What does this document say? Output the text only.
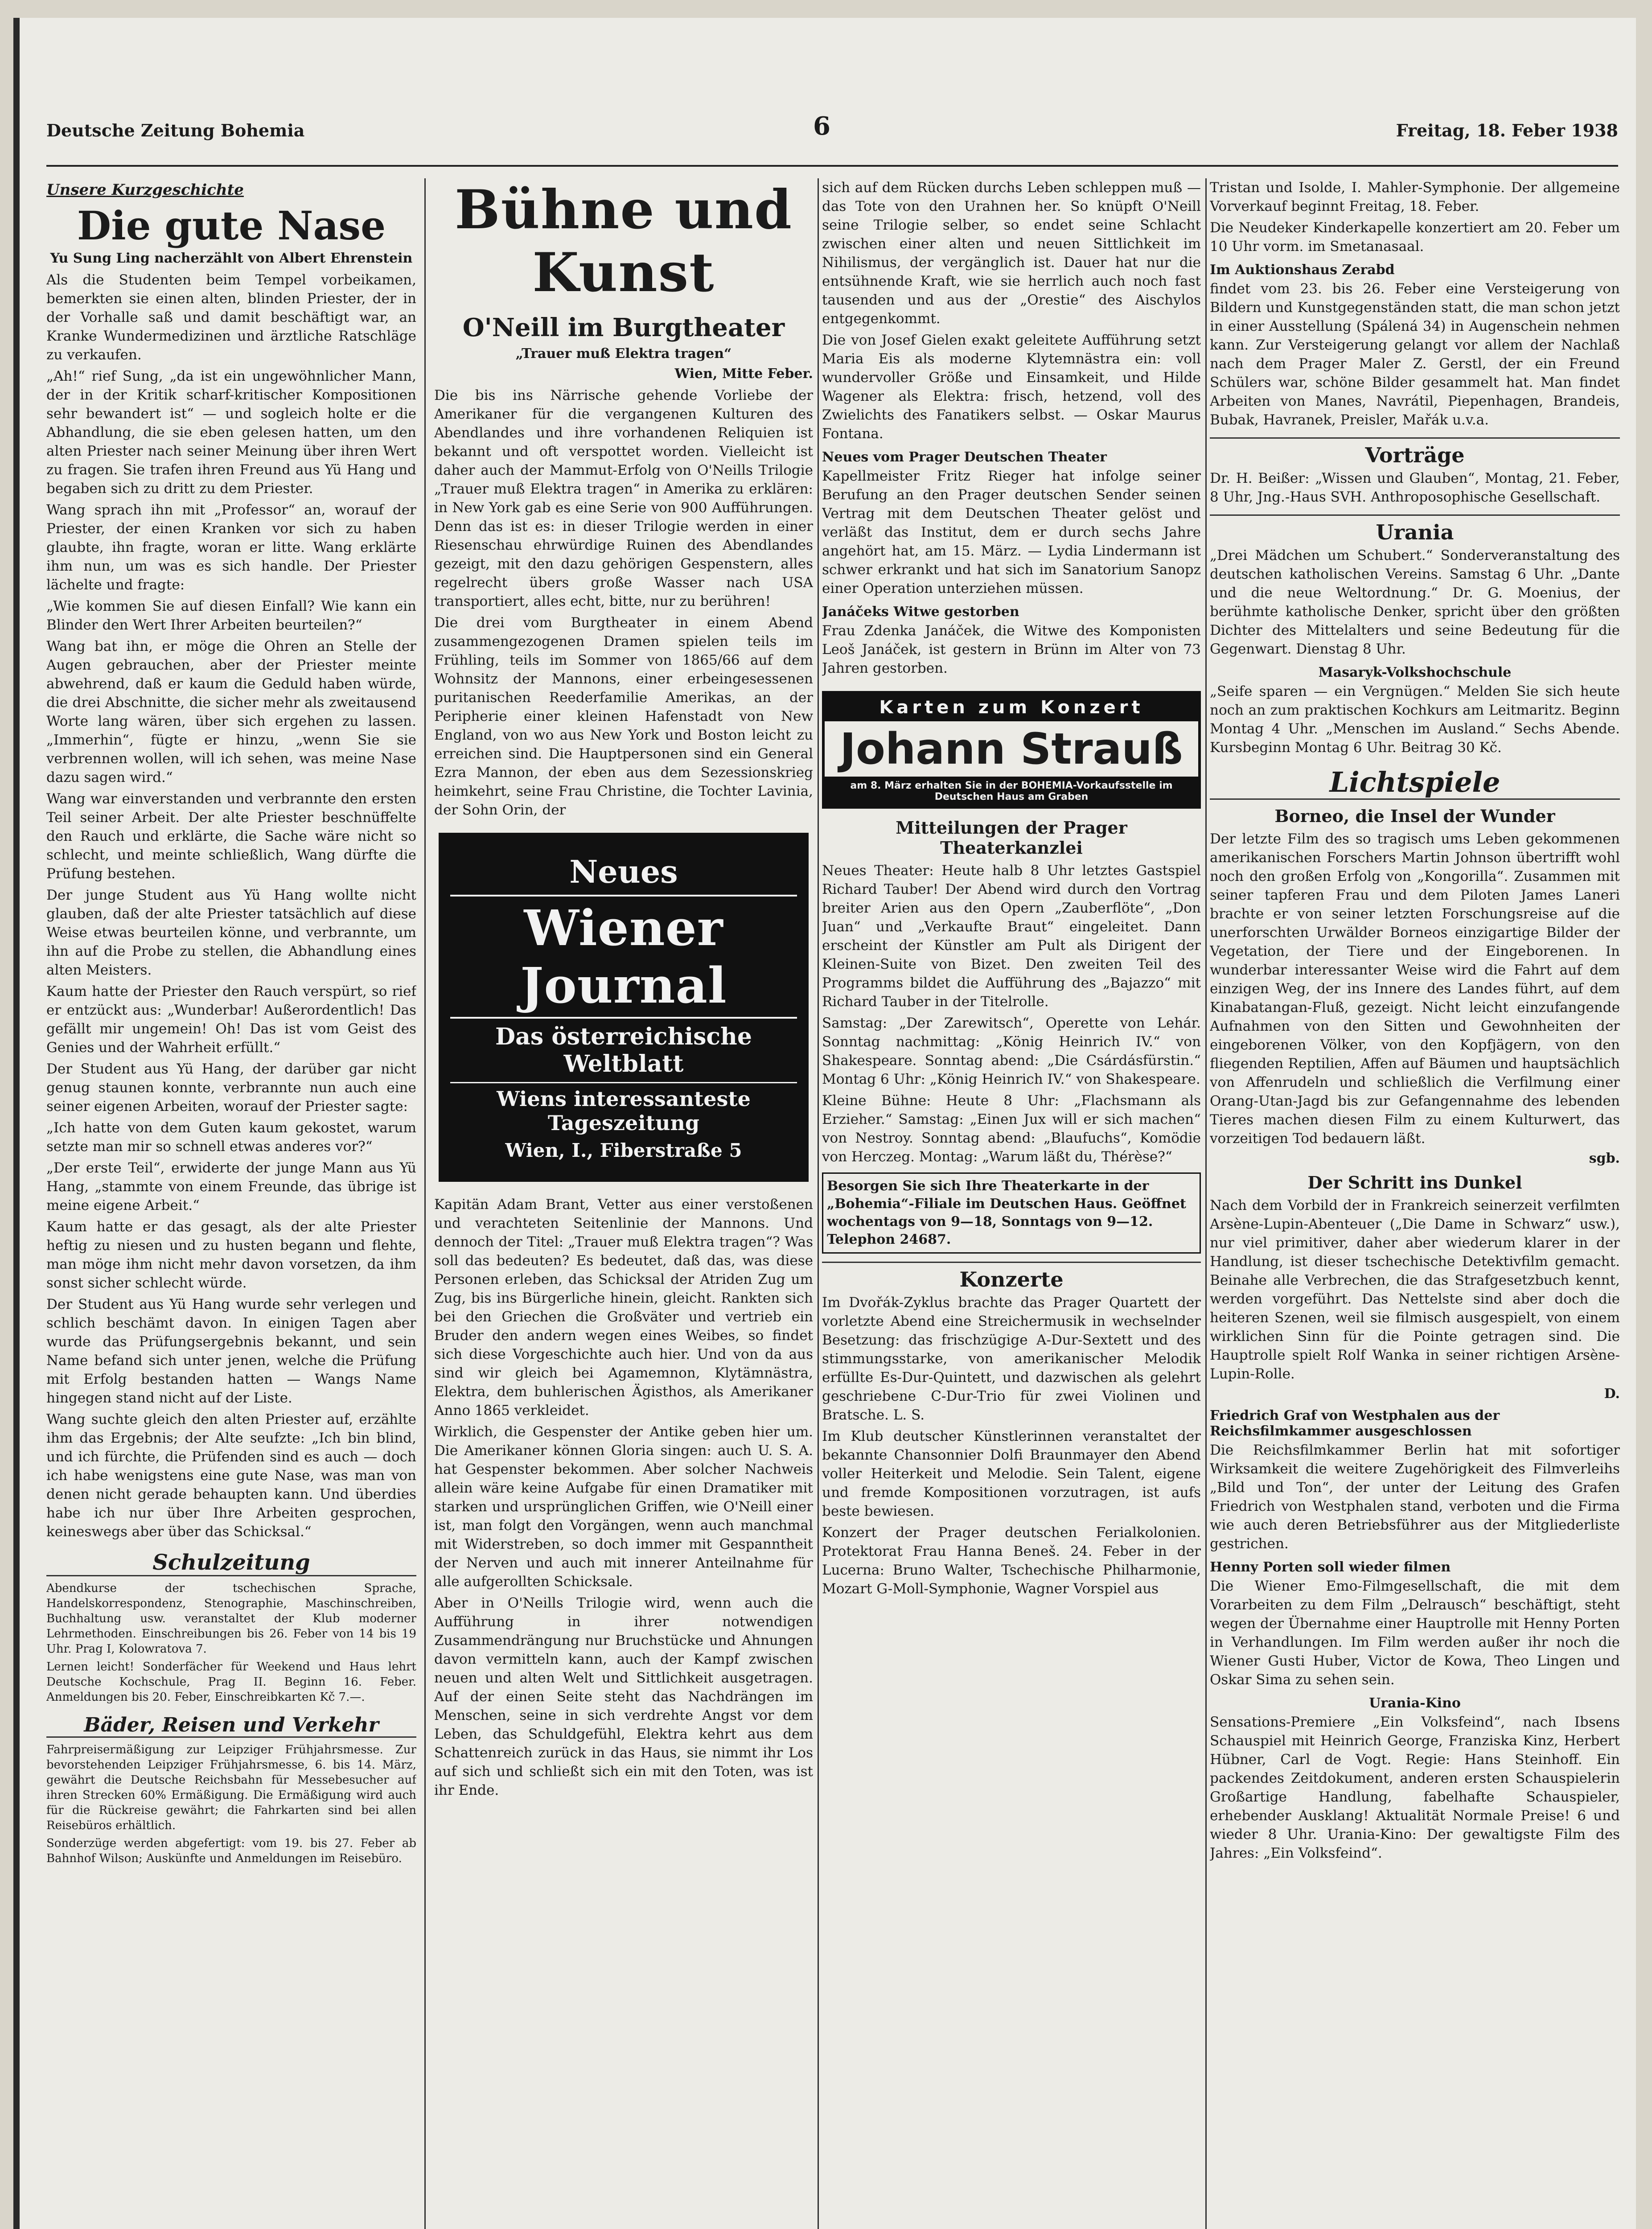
Deutsche Zeitung Bohemia	6	Freitag, 18. Feber 1938
Unsere Kurzgeschichte
Die gute Nase
Yu Sung Ling nacherzählt von Albert Ehrenstein

Als die Studenten beim Tempel vorbeikamen, bemerkten sie einen alten, blinden Priester, der in der Vorhalle saß und damit beschäftigt war, an Kranke Wundermedizinen und ärztliche Ratschläge zu verkaufen.

„Ah!“ rief Sung, „da ist ein ungewöhnlicher Mann, der in der Kritik scharf-kritischer Kompositionen sehr bewandert ist“ — und sogleich holte er die Abhandlung, die sie eben gelesen hatten, um den alten Priester nach seiner Meinung über ihren Wert zu fragen. Sie trafen ihren Freund aus Yü Hang und begaben sich zu dritt zu dem Priester.

Wang sprach ihn mit „Professor“ an, worauf der Priester, der einen Kranken vor sich zu haben glaubte, ihn fragte, woran er litte. Wang erklärte ihm nun, um was es sich handle. Der Priester lächelte und fragte:

„Wie kommen Sie auf diesen Einfall? Wie kann ein Blinder den Wert Ihrer Arbeiten beurteilen?“

Wang bat ihn, er möge die Ohren an Stelle der Augen gebrauchen, aber der Priester meinte abwehrend, daß er kaum die Geduld haben würde, die drei Abschnitte, die sicher mehr als zweitausend Worte lang wären, über sich ergehen zu lassen. „Immerhin“, fügte er hinzu, „wenn Sie sie verbrennen wollen, will ich sehen, was meine Nase dazu sagen wird.“

Wang war einverstanden und verbrannte den ersten Teil seiner Arbeit. Der alte Priester beschnüffelte den Rauch und erklärte, die Sache wäre nicht so schlecht, und meinte schließlich, Wang dürfte die Prüfung bestehen.

Der junge Student aus Yü Hang wollte nicht glauben, daß der alte Priester tatsächlich auf diese Weise etwas beurteilen könne, und verbrannte, um ihn auf die Probe zu stellen, die Abhandlung eines alten Meisters.

Kaum hatte der Priester den Rauch verspürt, so rief er entzückt aus: „Wunderbar! Außerordentlich! Das gefällt mir ungemein! Oh! Das ist vom Geist des Genies und der Wahrheit erfüllt.“

Der Student aus Yü Hang, der darüber gar nicht genug staunen konnte, verbrannte nun auch eine seiner eigenen Arbeiten, worauf der Priester sagte:

„Ich hatte von dem Guten kaum gekostet, warum setzte man mir so schnell etwas anderes vor?“

„Der erste Teil“, erwiderte der junge Mann aus Yü Hang, „stammte von einem Freunde, das übrige ist meine eigene Arbeit.“

Kaum hatte er das gesagt, als der alte Priester heftig zu niesen und zu husten begann und flehte, man möge ihm nicht mehr davon vorsetzen, da ihm sonst sicher schlecht würde.

Der Student aus Yü Hang wurde sehr verlegen und schlich beschämt davon. In einigen Tagen aber wurde das Prüfungsergebnis bekannt, und sein Name befand sich unter jenen, welche die Prüfung mit Erfolg bestanden hatten — Wangs Name hingegen stand nicht auf der Liste.

Wang suchte gleich den alten Priester auf, erzählte ihm das Ergebnis; der Alte seufzte: „Ich bin blind, und ich fürchte, die Prüfenden sind es auch — doch ich habe wenigstens eine gute Nase, was man von denen nicht gerade behaupten kann. Und überdies habe ich nur über Ihre Arbeiten gesprochen, keineswegs aber über das Schicksal.“

Schulzeitung

Abendkurse der tschechischen Sprache, Handelskorrespondenz, Stenographie, Maschinschreiben, Buchhaltung usw. veranstaltet der Klub moderner Lehrmethoden. Einschreibungen bis 26. Feber von 14 bis 19 Uhr. Prag I, Kolowratova 7.

Lernen leicht! Sonderfächer für Weekend und Haus lehrt Deutsche Kochschule, Prag II. Beginn 16. Feber. Anmeldungen bis 20. Feber, Einschreibkarten Kč 7.—.

Bäder, Reisen und Verkehr

Fahrpreisermäßigung zur Leipziger Frühjahrsmesse. Zur bevorstehenden Leipziger Frühjahrsmesse, 6. bis 14. März, gewährt die Deutsche Reichsbahn für Messebesucher auf ihren Strecken 60% Ermäßigung. Die Ermäßigung wird auch für die Rückreise gewährt; die Fahrkarten sind bei allen Reisebüros erhältlich.

Sonderzüge werden abgefertigt: vom 19. bis 27. Feber ab Bahnhof Wilson; Auskünfte und Anmeldungen im Reisebüro.

Bühne und Kunst
O'Neill im Burgtheater
„Trauer muß Elektra tragen“
Wien, Mitte Feber.

Die bis ins Närrische gehende Vorliebe der Amerikaner für die vergangenen Kulturen des Abendlandes und ihre vorhandenen Reliquien ist bekannt und oft verspottet worden. Vielleicht ist daher auch der Mammut-Erfolg von O'Neills Trilogie „Trauer muß Elektra tragen“ in Amerika zu erklären: in New York gab es eine Serie von 900 Aufführungen. Denn das ist es: in dieser Trilogie werden in einer Riesenschau ehrwürdige Ruinen des Abendlandes gezeigt, mit den dazu gehörigen Gespenstern, alles regelrecht übers große Wasser nach USA transportiert, alles echt, bitte, nur zu berühren!

Die drei vom Burgtheater in einem Abend zusammengezogenen Dramen spielen teils im Frühling, teils im Sommer von 1865/66 auf dem Wohnsitz der Mannons, einer erbeingesessenen puritanischen Reederfamilie Amerikas, an der Peripherie einer kleinen Hafenstadt von New England, von wo aus New York und Boston leicht zu erreichen sind. Die Hauptpersonen sind ein General Ezra Mannon, der eben aus dem Sezessionskrieg heimkehrt, seine Frau Christine, die Tochter Lavinia, der Sohn Orin, der

Neues
Wiener Journal
Das österreichische Weltblatt
Wiens interessanteste Tageszeitung
Wien, I., Fiberstraße 5

Kapitän Adam Brant, Vetter aus einer verstoßenen und verachteten Seitenlinie der Mannons. Und dennoch der Titel: „Trauer muß Elektra tragen“? Was soll das bedeuten? Es bedeutet, daß das, was diese Personen erleben, das Schicksal der Atriden Zug um Zug, bis ins Bürgerliche hinein, gleicht. Rankten sich bei den Griechen die Großväter und vertrieb ein Bruder den andern wegen eines Weibes, so findet sich diese Vorgeschichte auch hier. Und von da aus sind wir gleich bei Agamemnon, Klytämnästra, Elektra, dem buhlerischen Ägisthos, als Amerikaner Anno 1865 verkleidet.

Wirklich, die Gespenster der Antike geben hier um. Die Amerikaner können Gloria singen: auch U. S. A. hat Gespenster bekommen. Aber solcher Nachweis allein wäre keine Aufgabe für einen Dramatiker mit starken und ursprünglichen Griffen, wie O'Neill einer ist, man folgt den Vorgängen, wenn auch manchmal mit Widerstreben, so doch immer mit Gespanntheit der Nerven und auch mit innerer Anteilnahme für alle aufgerollten Schicksale.

Aber in O'Neills Trilogie wird, wenn auch die Aufführung in ihrer notwendigen Zusammendrängung nur Bruchstücke und Ahnungen davon vermitteln kann, auch der Kampf zwischen neuen und alten Welt und Sittlichkeit ausgetragen. Auf der einen Seite steht das Nachdrängen im Menschen, seine in sich verdrehte Angst vor dem Leben, das Schuldgefühl, Elektra kehrt aus dem Schattenreich zurück in das Haus, sie nimmt ihr Los auf sich und schließt sich ein mit den Toten, was ist ihr Ende.

sich auf dem Rücken durchs Leben schleppen muß — das Tote von den Urahnen her. So knüpft O'Neill seine Trilogie selber, so endet seine Schlacht zwischen einer alten und neuen Sittlichkeit im Nihilismus, der vergänglich ist. Dauer hat nur die entsühnende Kraft, wie sie herrlich auch noch fast tausenden und aus der „Orestie“ des Aischylos entgegenkommt.

Die von Josef Gielen exakt geleitete Aufführung setzt Maria Eis als moderne Klytemnästra ein: voll wundervoller Größe und Einsamkeit, und Hilde Wagener als Elektra: frisch, hetzend, voll des Zwielichts des Fanatikers selbst. — Oskar Maurus Fontana.

Neues vom Prager Deutschen Theater

Kapellmeister Fritz Rieger hat infolge seiner Berufung an den Prager deutschen Sender seinen Vertrag mit dem Deutschen Theater gelöst und verläßt das Institut, dem er durch sechs Jahre angehört hat, am 15. März. — Lydia Lindermann ist schwer erkrankt und hat sich im Sanatorium Sanopz einer Operation unterziehen müssen.

Janáčeks Witwe gestorben

Frau Zdenka Janáček, die Witwe des Komponisten Leoš Janáček, ist gestern in Brünn im Alter von 73 Jahren gestorben.

Karten zum Konzert
Johann Strauß
am 8. März erhalten Sie in der BOHEMIA-Vorkaufsstelle im Deutschen Haus am Graben
Mitteilungen der Prager Theaterkanzlei

Neues Theater: Heute halb 8 Uhr letztes Gastspiel Richard Tauber! Der Abend wird durch den Vortrag breiter Arien aus den Opern „Zauberflöte“, „Don Juan“ und „Verkaufte Braut“ eingeleitet. Dann erscheint der Künstler am Pult als Dirigent der Kleinen-Suite von Bizet. Den zweiten Teil des Programms bildet die Aufführung des „Bajazzo“ mit Richard Tauber in der Titelrolle.

Samstag: „Der Zarewitsch“, Operette von Lehár. Sonntag nachmittag: „König Heinrich IV.“ von Shakespeare. Sonntag abend: „Die Csárdásfürstin.“ Montag 6 Uhr: „König Heinrich IV.“ von Shakespeare.

Kleine Bühne: Heute 8 Uhr: „Flachsmann als Erzieher.“ Samstag: „Einen Jux will er sich machen“ von Nestroy. Sonntag abend: „Blaufuchs“, Komödie von Herczeg. Montag: „Warum läßt du, Thérèse?“

Besorgen Sie sich Ihre Theaterkarte in der „Bohemia“-Filiale im Deutschen Haus. Geöffnet wochentags von 9—18, Sonntags von 9—12. Telephon 24687.
Konzerte

Im Dvořák-Zyklus brachte das Prager Quartett der vorletzte Abend eine Streichermusik in wechselnder Besetzung: das frischzügige A-Dur-Sextett und des stimmungsstarke, von amerikanischer Melodik erfüllte Es-Dur-Quintett, und dazwischen als gelehrt geschriebene C-Dur-Trio für zwei Violinen und Bratsche. L. S.

Im Klub deutscher Künstlerinnen veranstaltet der bekannte Chansonnier Dolfi Braunmayer den Abend voller Heiterkeit und Melodie. Sein Talent, eigene und fremde Kompositionen vorzutragen, ist aufs beste bewiesen.

Konzert der Prager deutschen Ferialkolonien. Protektorat Frau Hanna Beneš. 24. Feber in der Lucerna: Bruno Walter, Tschechische Philharmonie, Mozart G-Moll-Symphonie, Wagner Vorspiel aus

Tristan und Isolde, I. Mahler-Symphonie. Der allgemeine Vorverkauf beginnt Freitag, 18. Feber.

Die Neudeker Kinderkapelle konzertiert am 20. Feber um 10 Uhr vorm. im Smetanasaal.

Im Auktionshaus Zerabd

findet vom 23. bis 26. Feber eine Versteigerung von Bildern und Kunstgegenständen statt, die man schon jetzt in einer Ausstellung (Spálená 34) in Augenschein nehmen kann. Zur Versteigerung gelangt vor allem der Nachlaß nach dem Prager Maler Z. Gerstl, der ein Freund Schülers war, schöne Bilder gesammelt hat. Man findet Arbeiten von Manes, Navrátil, Piepenhagen, Brandeis, Bubak, Havranek, Preisler, Mařák u.v.a.

Vorträge

Dr. H. Beißer: „Wissen und Glauben“, Montag, 21. Feber, 8 Uhr, Jng.-Haus SVH. Anthroposophische Gesellschaft.

Urania

„Drei Mädchen um Schubert.“ Sonderveranstaltung des deutschen katholischen Vereins. Samstag 6 Uhr. „Dante und die neue Weltordnung.“ Dr. G. Moenius, der berühmte katholische Denker, spricht über den größten Dichter des Mittelalters und seine Bedeutung für die Gegenwart. Dienstag 8 Uhr.

Masaryk-Volkshochschule

„Seife sparen — ein Vergnügen.“ Melden Sie sich heute noch an zum praktischen Kochkurs am Leitmaritz. Beginn Montag 4 Uhr. „Menschen im Ausland.“ Sechs Abende. Kursbeginn Montag 6 Uhr. Beitrag 30 Kč.

Lichtspiele
Borneo, die Insel der Wunder

Der letzte Film des so tragisch ums Leben gekommenen amerikanischen Forschers Martin Johnson übertrifft wohl noch den großen Erfolg von „Kongorilla“. Zusammen mit seiner tapferen Frau und dem Piloten James Laneri brachte er von seiner letzten Forschungsreise auf die unerforschten Urwälder Borneos einzigartige Bilder der Vegetation, der Tiere und der Eingeborenen. In wunderbar interessanter Weise wird die Fahrt auf dem einzigen Weg, der ins Innere des Landes führt, auf dem Kinabatangan-Fluß, gezeigt. Nicht leicht einzufangende Aufnahmen von den Sitten und Gewohnheiten der eingeborenen Völker, von den Kopfjägern, von den fliegenden Reptilien, Affen auf Bäumen und hauptsächlich von Affenrudeln und schließlich die Verfilmung einer Orang-Utan-Jagd bis zur Gefangennahme des lebenden Tieres machen diesen Film zu einem Kulturwert, das vorzeitigen Tod bedauern läßt.

sgb.
Der Schritt ins Dunkel

Nach dem Vorbild der in Frankreich seinerzeit verfilmten Arsène-Lupin-Abenteuer („Die Dame in Schwarz“ usw.), nur viel primitiver, daher aber wiederum klarer in der Handlung, ist dieser tschechische Detektivfilm gemacht. Beinahe alle Verbrechen, die das Strafgesetzbuch kennt, werden vorgeführt. Das Nettelste sind aber doch die heiteren Szenen, weil sie filmisch ausgespielt, von einem wirklichen Sinn für die Pointe getragen sind. Die Hauptrolle spielt Rolf Wanka in seiner richtigen Arsène-Lupin-Rolle.

D.
Friedrich Graf von Westphalen aus der Reichsfilmkammer ausgeschlossen

Die Reichsfilmkammer Berlin hat mit sofortiger Wirksamkeit die weitere Zugehörigkeit des Filmverleihs „Bild und Ton“, der unter der Leitung des Grafen Friedrich von Westphalen stand, verboten und die Firma wie auch deren Betriebsführer aus der Mitgliederliste gestrichen.

Henny Porten soll wieder filmen

Die Wiener Emo-Filmgesellschaft, die mit dem Vorarbeiten zu dem Film „Delrausch“ beschäftigt, steht wegen der Übernahme einer Hauptrolle mit Henny Porten in Verhandlungen. Im Film werden außer ihr noch die Wiener Gusti Huber, Victor de Kowa, Theo Lingen und Oskar Sima zu sehen sein.

Urania-Kino

Sensations-Premiere „Ein Volksfeind“, nach Ibsens Schauspiel mit Heinrich George, Franziska Kinz, Herbert Hübner, Carl de Vogt. Regie: Hans Steinhoff. Ein packendes Zeitdokument, anderen ersten Schauspielerin Großartige Handlung, fabelhafte Schauspieler, erhebender Ausklang! Aktualität Normale Preise! 6 und wieder 8 Uhr. Urania-Kino: Der gewaltigste Film des Jahres: „Ein Volksfeind“.
